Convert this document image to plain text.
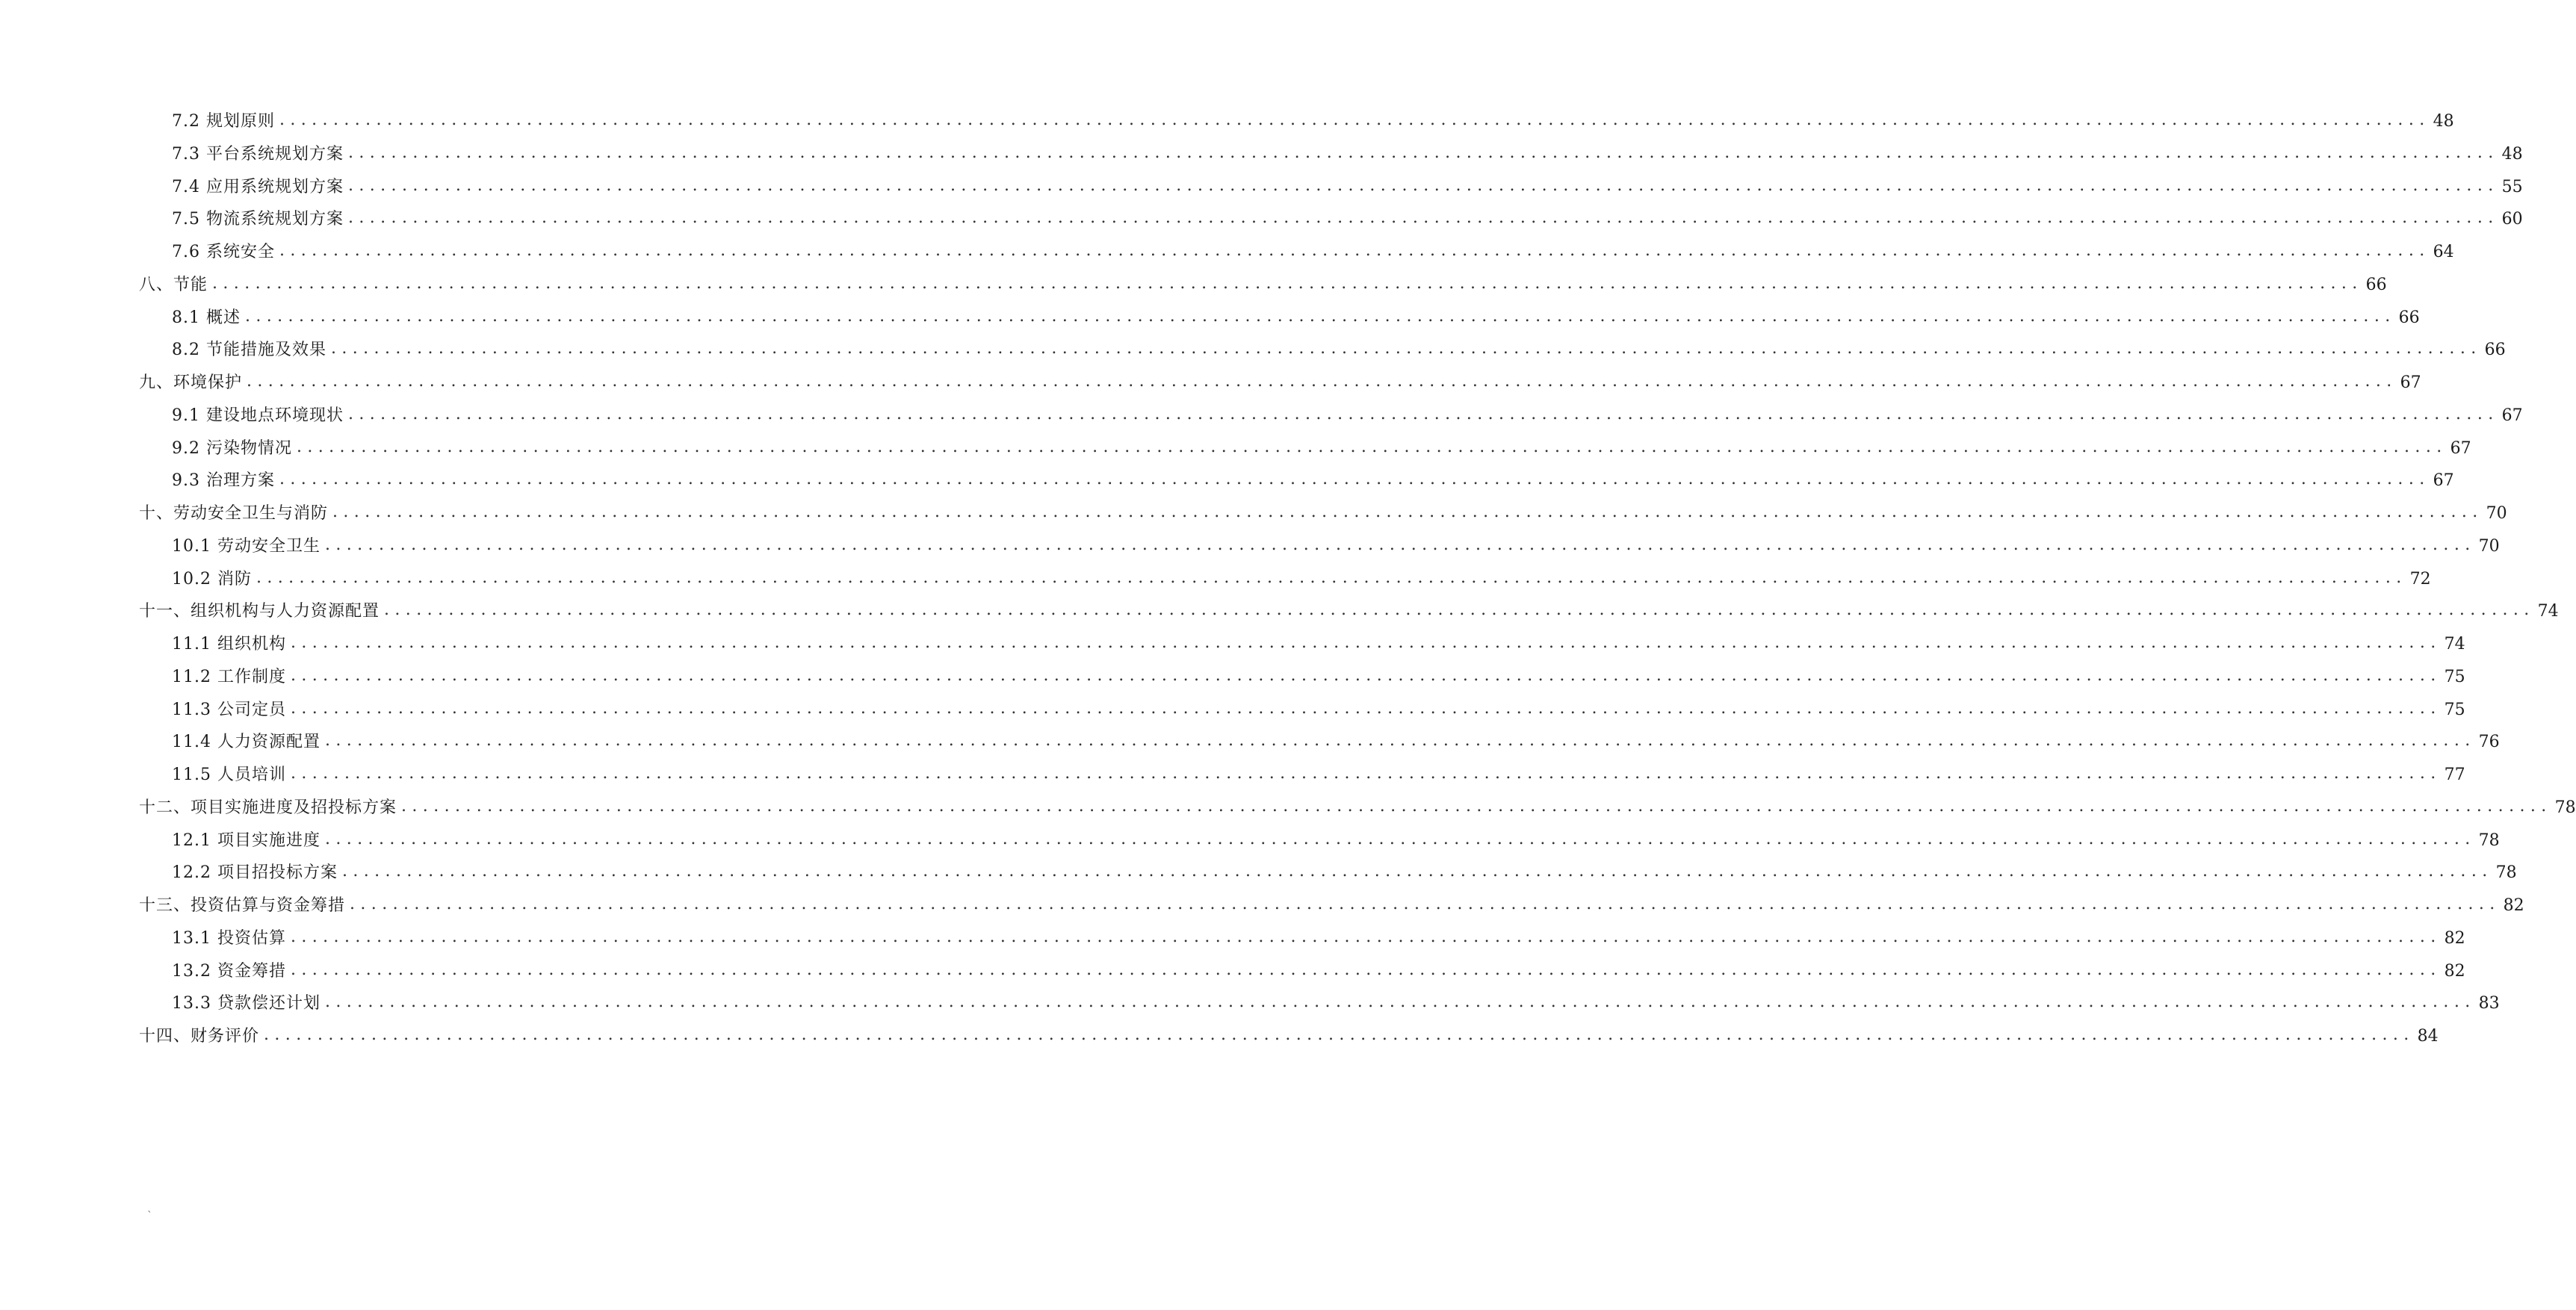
7.2 规划原则 ........................................................................................................................................................................................................ 48
7.3 平台系统规划方案 ........................................................................................................................................................................................................ 48
7.4 应用系统规划方案 ........................................................................................................................................................................................................ 55
7.5 物流系统规划方案 ........................................................................................................................................................................................................ 60
7.6 系统安全 ........................................................................................................................................................................................................ 64
八、节能 ........................................................................................................................................................................................................ 66
8.1 概述 ........................................................................................................................................................................................................ 66
8.2 节能措施及效果 ........................................................................................................................................................................................................ 66
九、环境保护 ........................................................................................................................................................................................................ 67
9.1 建设地点环境现状 ........................................................................................................................................................................................................ 67
9.2 污染物情况 ........................................................................................................................................................................................................ 67
9.3 治理方案 ........................................................................................................................................................................................................ 67
十、劳动安全卫生与消防 ........................................................................................................................................................................................................ 70
10.1 劳动安全卫生 ........................................................................................................................................................................................................ 70
10.2 消防 ........................................................................................................................................................................................................ 72
十一、组织机构与人力资源配置 ........................................................................................................................................................................................................ 74
11.1 组织机构 ........................................................................................................................................................................................................ 74
11.2 工作制度 ........................................................................................................................................................................................................ 75
11.3 公司定员 ........................................................................................................................................................................................................ 75
11.4 人力资源配置 ........................................................................................................................................................................................................ 76
11.5 人员培训 ........................................................................................................................................................................................................ 77
十二、项目实施进度及招投标方案 ........................................................................................................................................................................................................ 78
12.1 项目实施进度 ........................................................................................................................................................................................................ 78
12.2 项目招投标方案 ........................................................................................................................................................................................................ 78
十三、投资估算与资金筹措 ........................................................................................................................................................................................................ 82
13.1 投资估算 ........................................................................................................................................................................................................ 82
13.2 资金筹措 ........................................................................................................................................................................................................ 82
13.3 贷款偿还计划 ........................................................................................................................................................................................................ 83
十四、财务评价 ........................................................................................................................................................................................................ 84
`
